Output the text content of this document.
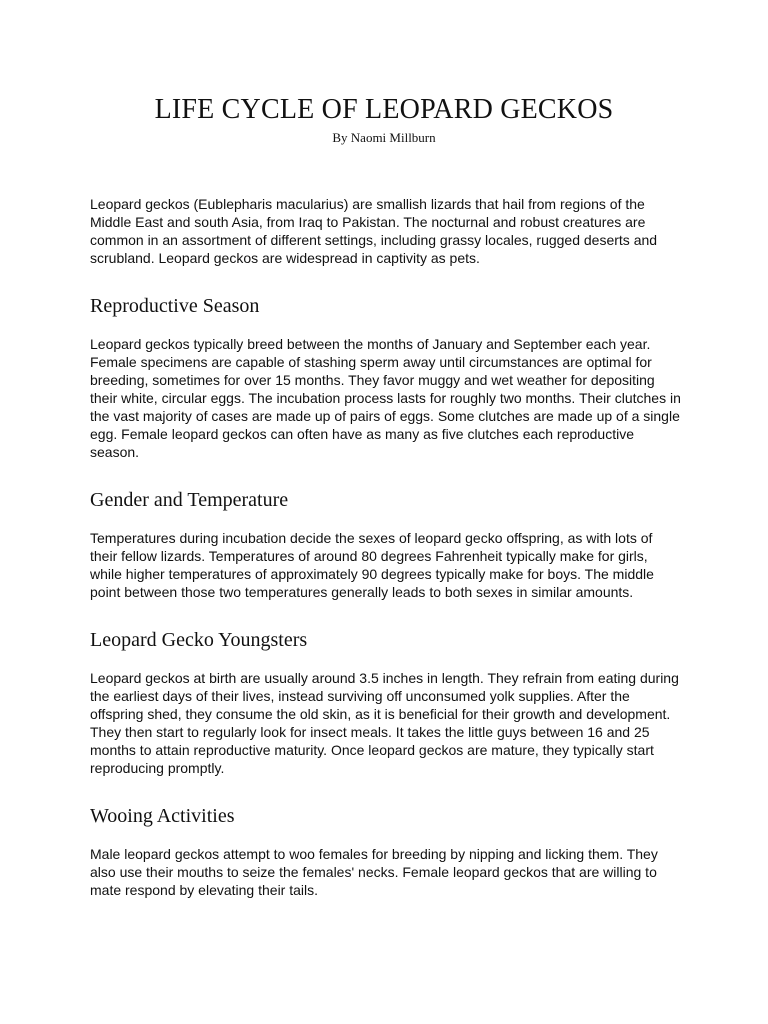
LIFE CYCLE OF LEOPARD GECKOS

By Naomi Millburn

Leopard geckos (Eublepharis macularius) are smallish lizards that hail from regions of the Middle East and south Asia, from Iraq to Pakistan. The nocturnal and robust creatures are common in an assortment of different settings, including grassy locales, rugged deserts and scrubland. Leopard geckos are widespread in captivity as pets.

Reproductive Season

Leopard geckos typically breed between the months of January and September each year. Female specimens are capable of stashing sperm away until circumstances are optimal for breeding, sometimes for over 15 months. They favor muggy and wet weather for depositing their white, circular eggs. The incubation process lasts for roughly two months. Their clutches in the vast majority of cases are made up of pairs of eggs. Some clutches are made up of a single egg. Female leopard geckos can often have as many as five clutches each reproductive season.

Gender and Temperature

Temperatures during incubation decide the sexes of leopard gecko offspring, as with lots of their fellow lizards. Temperatures of around 80 degrees Fahrenheit typically make for girls, while higher temperatures of approximately 90 degrees typically make for boys. The middle point between those two temperatures generally leads to both sexes in similar amounts.

Leopard Gecko Youngsters

Leopard geckos at birth are usually around 3.5 inches in length. They refrain from eating during the earliest days of their lives, instead surviving off unconsumed yolk supplies. After the offspring shed, they consume the old skin, as it is beneficial for their growth and development. They then start to regularly look for insect meals. It takes the little guys between 16 and 25 months to attain reproductive maturity. Once leopard geckos are mature, they typically start reproducing promptly.

Wooing Activities

Male leopard geckos attempt to woo females for breeding by nipping and licking them. They also use their mouths to seize the females' necks. Female leopard geckos that are willing to mate respond by elevating their tails.
